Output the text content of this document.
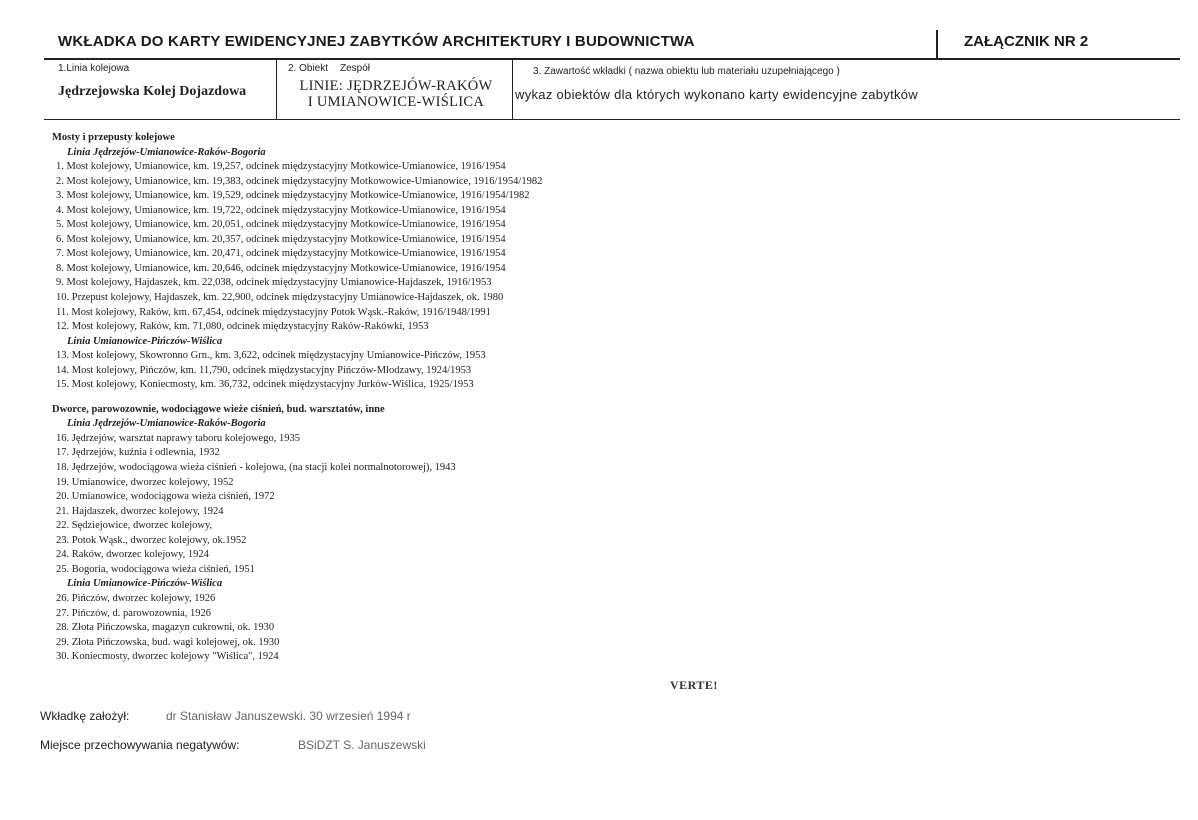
WKŁADKA DO KARTY EWIDENCYJNEJ ZABYTKÓW ARCHITEKTURY I BUDOWNICTWA	ZAŁĄCZNIK NR 2
1.Linia kolejowa
Jędrzejowska Kolej Dojazdowa
2. Obiekt Zespół
LINIE: JĘDRZEJÓW-RAKÓW
I UMIANOWICE-WIŚLICA
3. Zawartość wkładki ( nazwa obiektu lub materiału uzupełniającego )
wykaz obiektów dla których wykonano karty ewidencyjne zabytków
Mosty i przepusty kolejowe
Linia Jędrzejów-Umianowice-Raków-Bogoria
1. Most kolejowy, Umianowice, km. 19,257, odcinek międzystacyjny Motkowice-Umianowice, 1916/1954
2. Most kolejowy, Umianowice, km. 19,383, odcinek międzystacyjny Motkowowice-Umianowice, 1916/1954/1982
3. Most kolejowy, Umianowice, km. 19,529, odcinek międzystacyjny Motkowice-Umianowice, 1916/1954/1982
4. Most kolejowy, Umianowice, km. 19,722, odcinek międzystacyjny Motkowice-Umianowice, 1916/1954
5. Most kolejowy, Umianowice, km. 20,051, odcinek międzystacyjny Motkowice-Umianowice, 1916/1954
6. Most kolejowy, Umianowice, km. 20,357, odcinek międzystacyjny Motkowice-Umianowice, 1916/1954
7. Most kolejowy, Umianowice, km. 20,471, odcinek międzystacyjny Motkowice-Umianowice, 1916/1954
8. Most kolejowy, Umianowice, km. 20,646, odcinek międzystacyjny Motkowice-Umianowice, 1916/1954
9. Most kolejowy, Hajdaszek, km. 22,038, odcinek międzystacyjny Umianowice-Hajdaszek, 1916/1953
10. Przepust kolejowy, Hajdaszek, km. 22,900, odcinek międzystacyjny Umianowice-Hajdaszek, ok. 1980
11. Most kolejowy, Raków, km. 67,454, odcinek międzystacyjny Potok Wąsk.-Raków, 1916/1948/1991
12. Most kolejowy, Raków, km. 71,080, odcinek międzystacyjny Raków-Rakówki, 1953
Linia Umianowice-Pińczów-Wiślica
13. Most kolejowy, Skowronno Grn., km. 3,622, odcinek międzystacyjny Umianowice-Pińczów, 1953
14. Most kolejowy, Pińczów, km. 11,790, odcinek międzystacyjny Pińczów-Młodzawy, 1924/1953
15. Most kolejowy, Koniecmosty, km. 36,732, odcinek międzystacyjny Jurków-Wiślica, 1925/1953
Dworce, parowozownie, wodociągowe wieże ciśnień, bud. warsztatów, inne
Linia Jędrzejów-Umianowice-Raków-Bogoria
16. Jędrzejów, warsztat naprawy taboru kolejowego, 1935
17. Jędrzejów, kuźnia i odlewnia, 1932
18. Jędrzejów, wodociągowa wieża ciśnień - kolejowa, (na stacji kolei normalnotorowej), 1943
19. Umianowice, dworzec kolejowy, 1952
20. Umianowice, wodociągowa wieża ciśnień, 1972
21. Hajdaszek, dworzec kolejowy, 1924
22. Sędziejowice, dworzec kolejowy,
23. Potok Wąsk., dworzec kolejowy, ok.1952
24. Raków, dworzec kolejowy, 1924
25. Bogoria, wodociągowa wieża ciśnień, 1951
Linia Umianowice-Pińczów-Wiślica
26. Pińczów, dworzec kolejowy, 1926
27. Pińczów, d. parowozownia, 1926
28. Złota Pińczowska, magazyn cukrowni, ok. 1930
29. Złota Pińczowska, bud. wagi kolejowej, ok. 1930
30. Koniecmosty, dworzec kolejowy "Wiślica", 1924
VERTE!
Wkładkę założył:	dr Stanisław Januszewski. 30 wrzesień 1994 r
Miejsce przechowywania negatywów:	BSiDZT S. Januszewski
